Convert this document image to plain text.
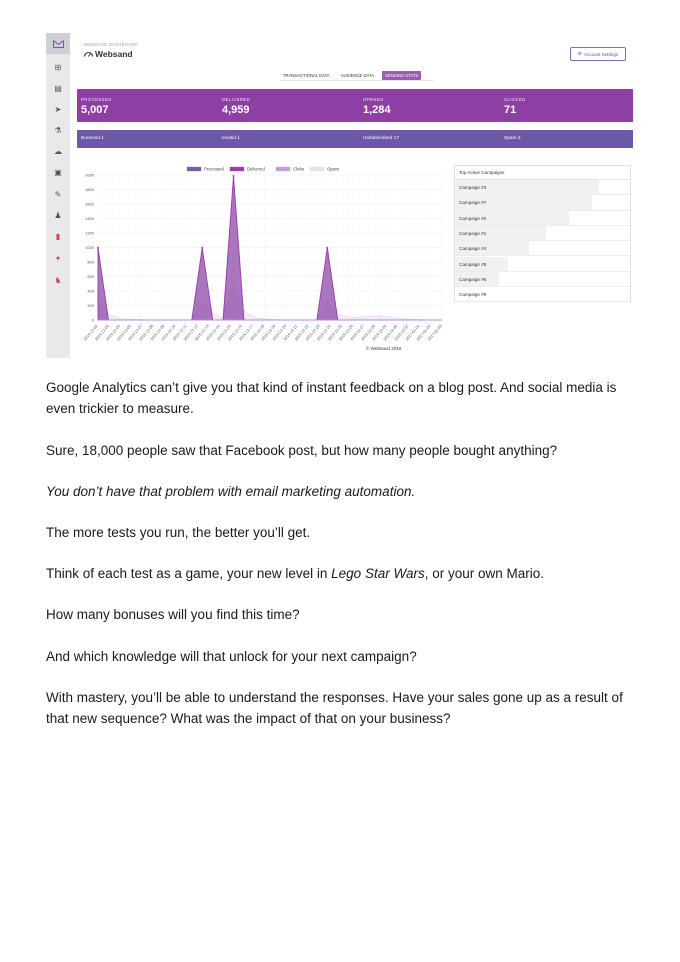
⊞
▤
➤
⚗
☁
▣
✎
♟
▮
✦
♞
WEBSAND DASHBOARD
Websand	⚙ Account Settings
TRANSACTIONAL DATA	AUDIENCE DATA	SENDING STATS
PROCESSED
5,007
DELIVERED
4,959
OPENED
1,284
CLICKED
71
Bounced 1	Invalid 1	Unsubscribed 17	Spam 2
0
200
400
600
800
1000
1200
1400
1600
1800
2000
2016-12-02
2016-12-03
2016-12-04
2016-12-05
2016-12-07
2016-12-08
2016-12-09
2016-12-10
2016-12-11
2016-12-12
2016-12-13
2016-12-14
2016-12-15
2016-12-16
2016-12-17
2016-12-18
2016-12-19
2016-12-20
2016-12-21
2016-12-22
2016-12-23
2016-12-24
2016-12-25
2016-12-26
2016-12-27
2016-12-28
2016-12-29
2016-12-30
2016-12-31
2017-01-01
2017-01-02
2017-01-03
Processed	Delivered	Clicks	Opens
Top Active Campaigns
Campaign #3
Campaign #7
Campaign #2
Campaign #1
Campaign #4
Campaign #5
Campaign #6
Campaign #9
© Websand 2016

Google Analytics can’t give you that kind of instant feedback on a blog post. And social media is even trickier to measure.

Sure, 18,000 people saw that Facebook post, but how many people bought anything?

You don’t have that problem with email marketing automation.

The more tests you run, the better you’ll get.

Think of each test as a game, your new level in Lego Star Wars, or your own Mario.

How many bonuses will you find this time?

And which knowledge will that unlock for your next campaign?

With mastery, you’ll be able to understand the responses. Have your sales gone up as a result of that new sequence? What was the impact of that on your business?
